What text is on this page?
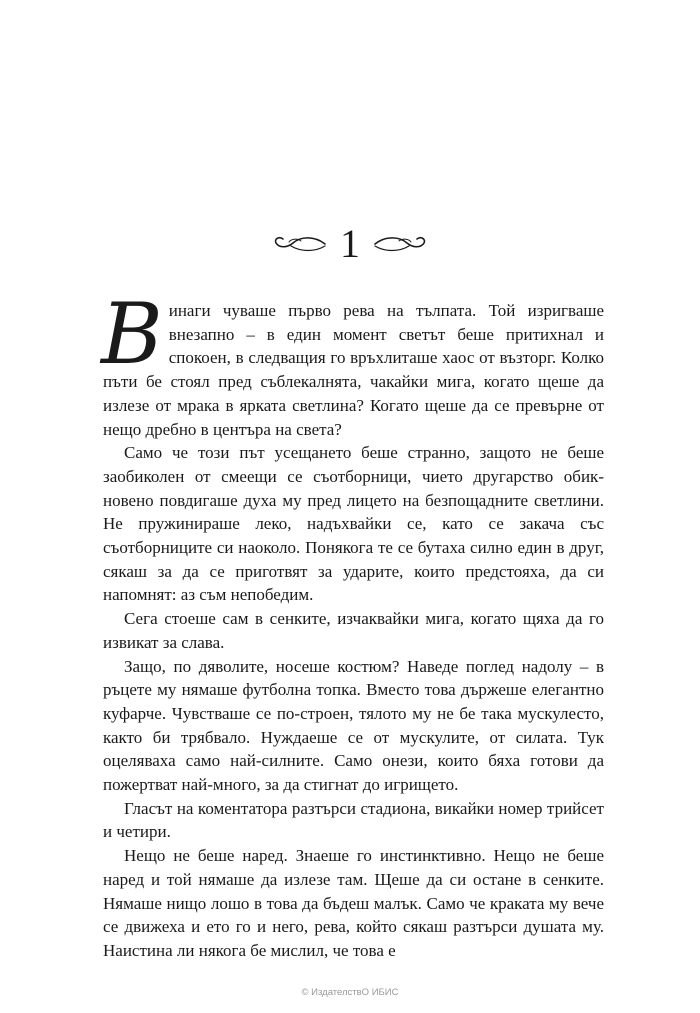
1

Винаги чуваше първо рева на тълпата. Той изригваше внезапно – в един момент светът беше притихнал и спокоен, в следващия го връхлиташе хаос от възторг. Колко пъти бе стоял пред съблекалнята, чакайки мига, когато щеше да излезе от мрака в ярката светлина? Когато щеше да се превърне от нещо дребно в центъра на света?

Само че този път усещането беше странно, защото не беше заобиколен от смеещи се съотборници, чието другарство обикновено повдигаше духа му пред лицето на безпощадните светлини. Не пружинираше леко, надъхвайки се, като се закача със съотборниците си наоколо. Понякога те се бутаха силно един в друг, сякаш за да се приготвят за ударите, които предстояха, да си напомнят: аз съм непобедим.

Сега стоеше сам в сенките, изчаквайки мига, когато щяха да го извикат за слава.

Защо, по дяволите, носеше костюм? Наведе поглед надолу – в ръцете му нямаше футболна топка. Вместо това държеше елегантно куфарче. Чувстваше се по-строен, тялото му не бе така мускулесто, както би трябвало. Нуждаеше се от мускулите, от силата. Тук оцеляваха само най-силните. Само онези, които бяха готови да пожертват най-много, за да стигнат до игрището.

Гласът на коментатора разтърси стадиона, викайки номер трийсет и четири.

Нещо не беше наред. Знаеше го инстинктивно. Нещо не беше наред и той нямаше да излезе там. Щеше да си остане в сенките. Нямаше нищо лошо в това да бъдеш малък. Само че краката му вече се движеха и ето го и него, рева, който сякаш разтърси душата му. Наистина ли някога бе мислил, че това е

© ИздателствО ИБИС
